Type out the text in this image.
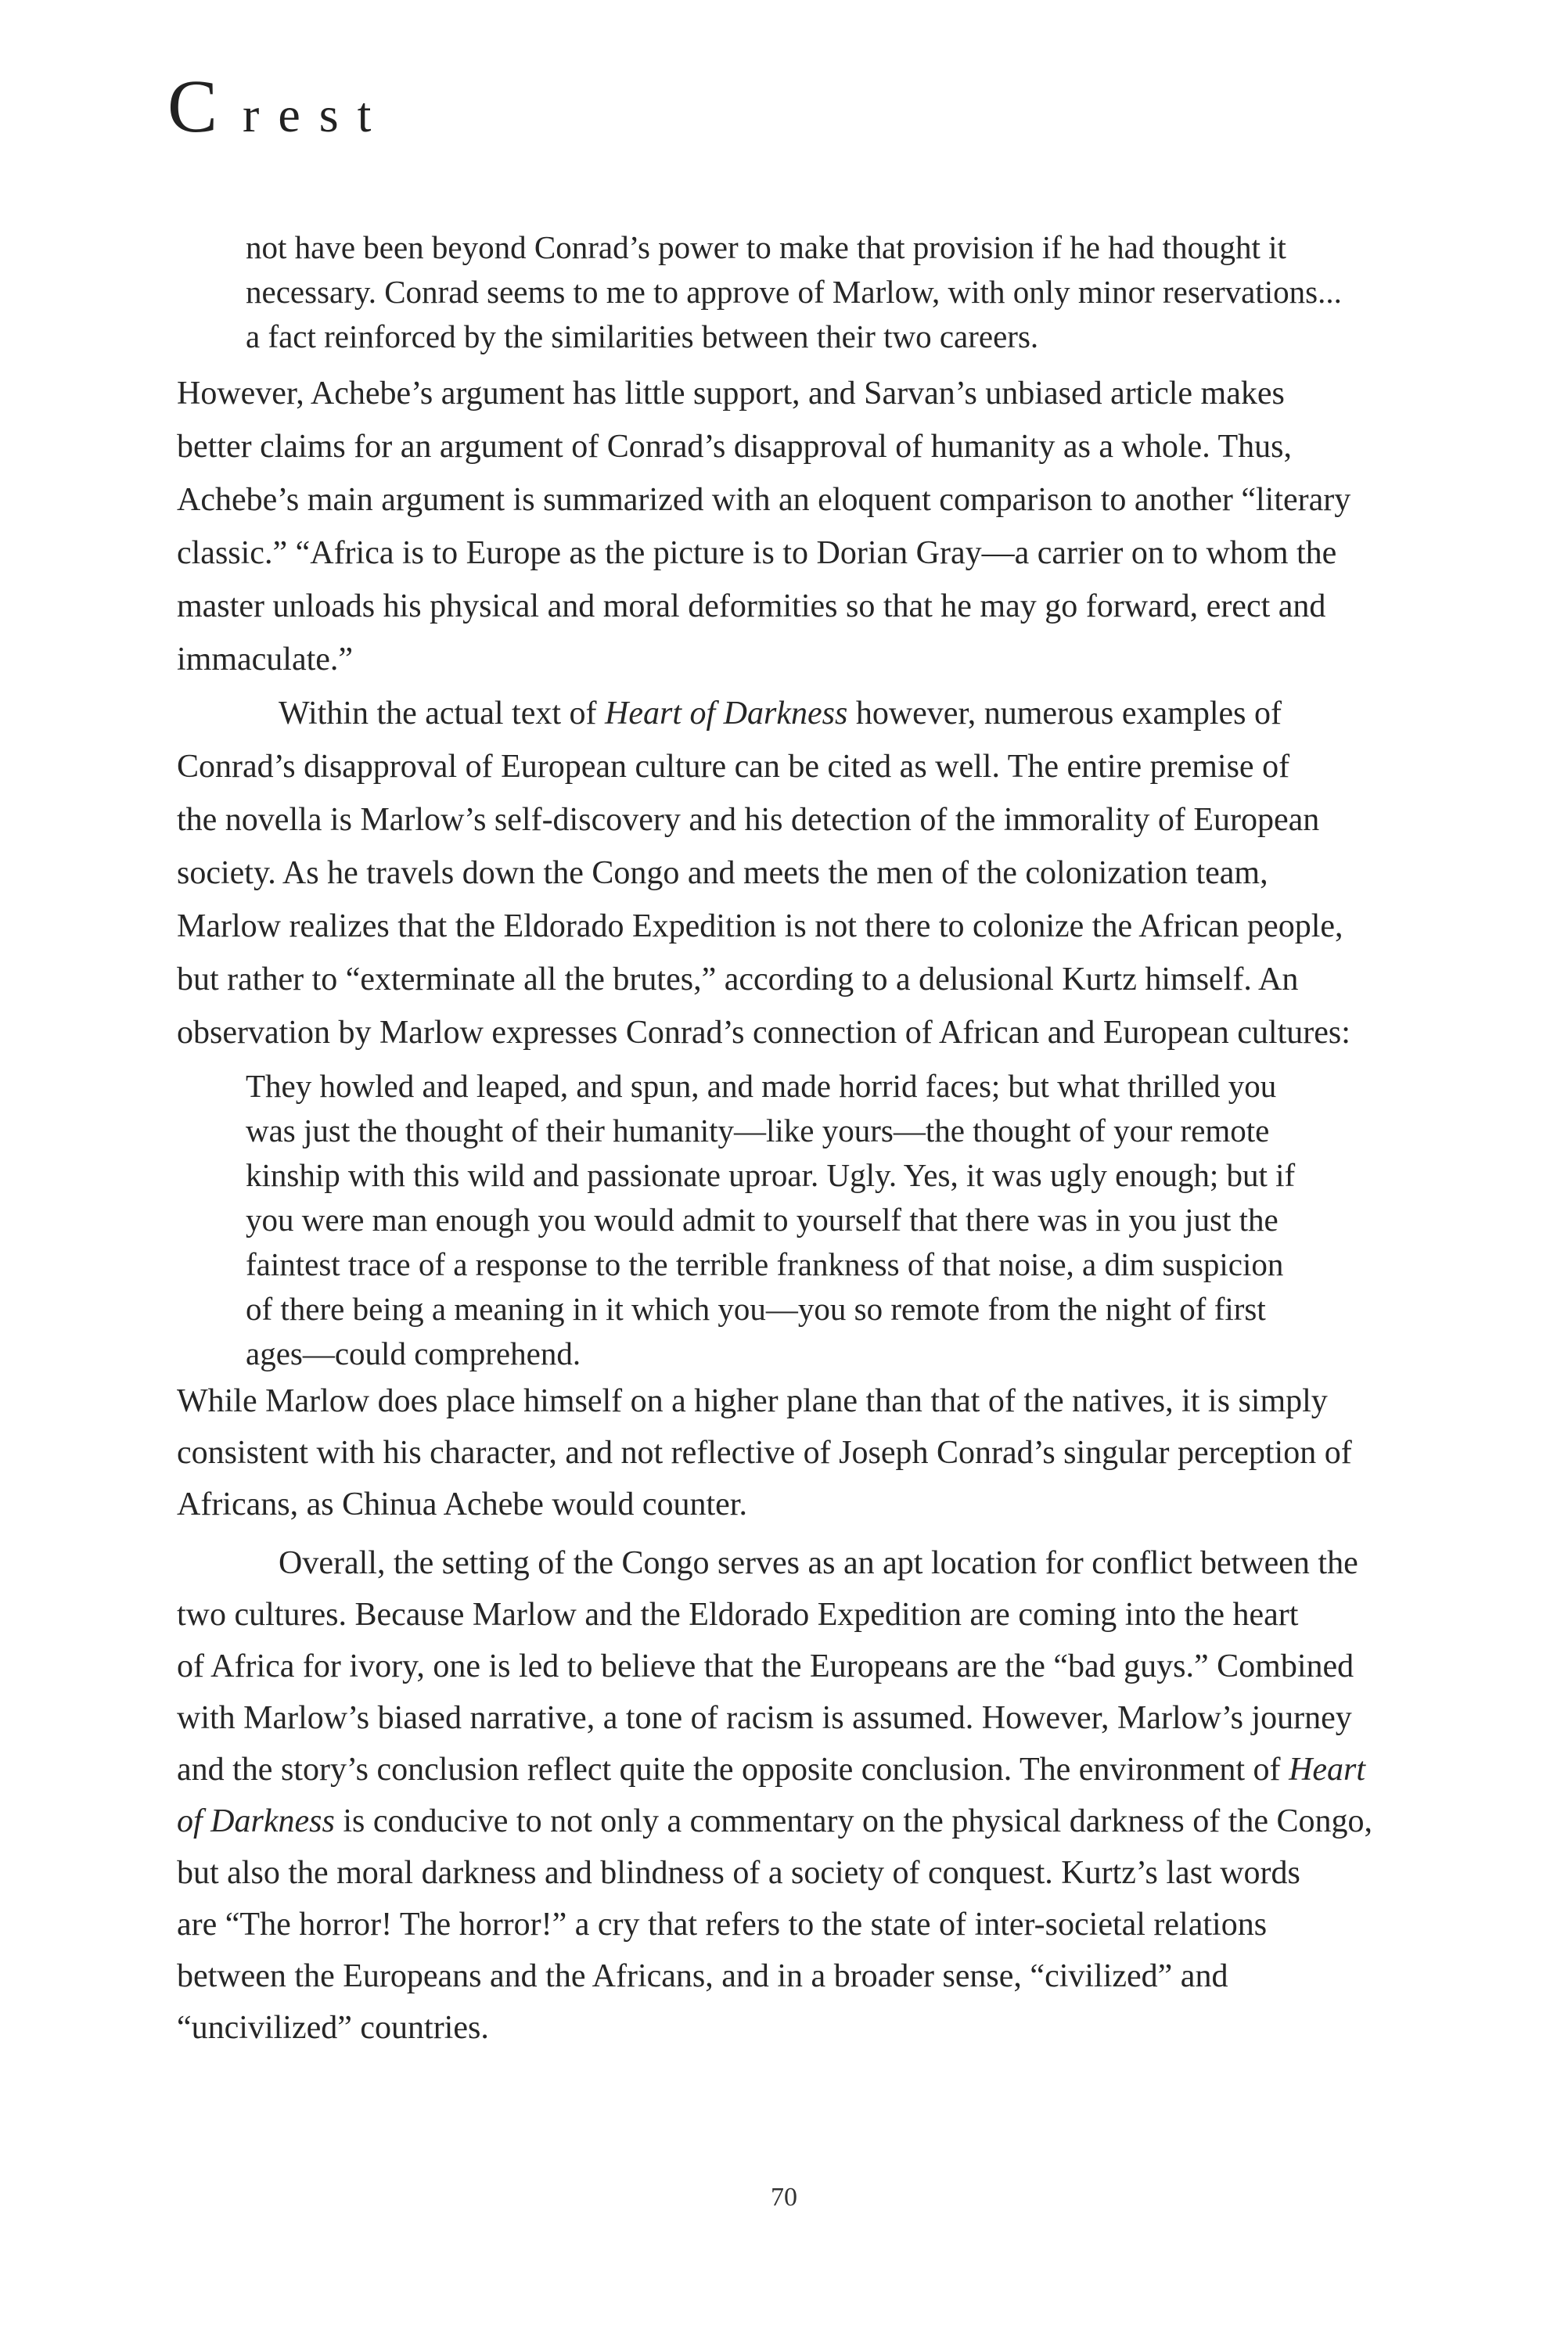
Crest
not have been beyond Conrad’s power to make that provision if he had thought it
necessary. Conrad seems to me to approve of Marlow, with only minor reservations...
a fact reinforced by the similarities between their two careers.
However, Achebe’s argument has little support, and Sarvan’s unbiased article makes
better claims for an argument of Conrad’s disapproval of humanity as a whole. Thus,
Achebe’s main argument is summarized with an eloquent comparison to another “literary
classic.” “Africa is to Europe as the picture is to Dorian Gray—a carrier on to whom the
master unloads his physical and moral deformities so that he may go forward, erect and
immaculate.”
Within the actual text of Heart of Darkness however, numerous examples of
Conrad’s disapproval of European culture can be cited as well. The entire premise of
the novella is Marlow’s self-discovery and his detection of the immorality of European
society. As he travels down the Congo and meets the men of the colonization team,
Marlow realizes that the Eldorado Expedition is not there to colonize the African people,
but rather to “exterminate all the brutes,” according to a delusional Kurtz himself. An
observation by Marlow expresses Conrad’s connection of African and European cultures:
They howled and leaped, and spun, and made horrid faces; but what thrilled you
was just the thought of their humanity—like yours—the thought of your remote
kinship with this wild and passionate uproar. Ugly. Yes, it was ugly enough; but if
you were man enough you would admit to yourself that there was in you just the
faintest trace of a response to the terrible frankness of that noise, a dim suspicion
of there being a meaning in it which you—you so remote from the night of first
ages—could comprehend.
While Marlow does place himself on a higher plane than that of the natives, it is simply
consistent with his character, and not reflective of Joseph Conrad’s singular perception of
Africans, as Chinua Achebe would counter.
Overall, the setting of the Congo serves as an apt location for conflict between the
two cultures. Because Marlow and the Eldorado Expedition are coming into the heart
of Africa for ivory, one is led to believe that the Europeans are the “bad guys.” Combined
with Marlow’s biased narrative, a tone of racism is assumed. However, Marlow’s journey
and the story’s conclusion reflect quite the opposite conclusion. The environment of Heart
of Darkness is conducive to not only a commentary on the physical darkness of the Congo,
but also the moral darkness and blindness of a society of conquest. Kurtz’s last words
are “The horror! The horror!” a cry that refers to the state of inter-societal relations
between the Europeans and the Africans, and in a broader sense, “civilized” and
“uncivilized” countries.
70
